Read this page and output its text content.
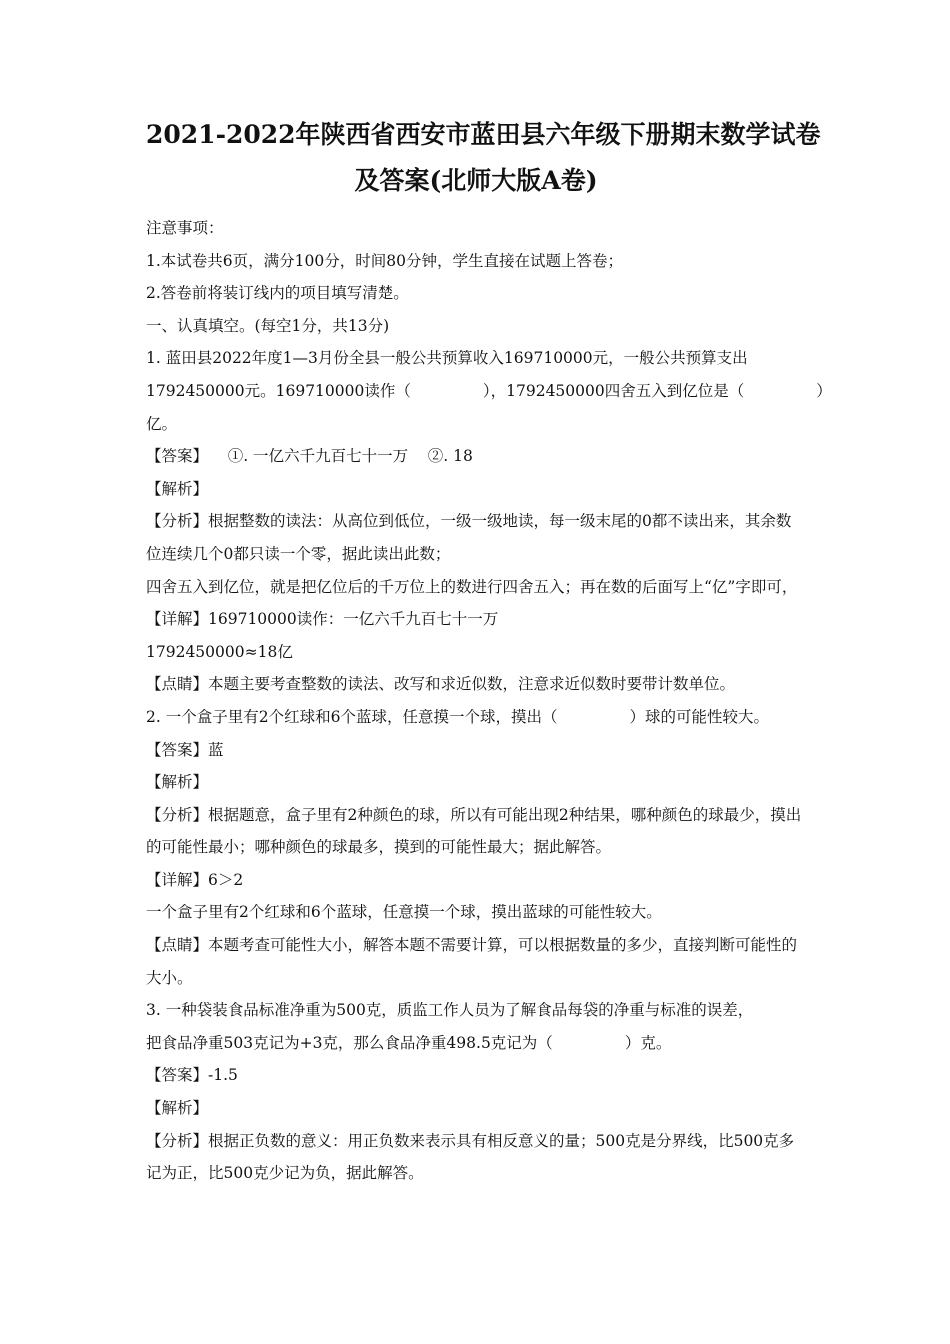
2021-2022年陕西省西安市蓝田县六年级下册期末数学试卷
及答案(北师大版A卷)

注意事项：

1.本试卷共6页，满分100分，时间80分钟，学生直接在试题上答卷；

2.答卷前将装订线内的项目填写清楚。

一、认真填空。(每空1分，共13分)

1. 蓝田县2022年度1—3月份全县一般公共预算收入169710000元，一般公共预算支出

1792450000元。169710000读作（	），1792450000四舍五入到亿位是（	）

亿。

【答案】    ①. 一亿六千九百七十一万    ②. 18

【解析】

【分析】根据整数的读法：从高位到低位，一级一级地读，每一级末尾的0都不读出来，其余数位连续几个0都只读一个零，据此读出此数；

四舍五入到亿位，就是把亿位后的千万位上的数进行四舍五入；再在数的后面写上“亿”字即可，

【详解】169710000读作：一亿六千九百七十一万

1792450000≈18亿

【点睛】本题主要考查整数的读法、改写和求近似数，注意求近似数时要带计数单位。

2. 一个盒子里有2个红球和6个蓝球，任意摸一个球，摸出（	）球的可能性较大。

【答案】蓝

【解析】

【分析】根据题意，盒子里有2种颜色的球，所以有可能出现2种结果，哪种颜色的球最少，摸出的可能性最小；哪种颜色的球最多，摸到的可能性最大；据此解答。

【详解】6＞2

一个盒子里有2个红球和6个蓝球，任意摸一个球，摸出蓝球的可能性较大。

【点睛】本题考查可能性大小，解答本题不需要计算，可以根据数量的多少，直接判断可能性的大小。

3. 一种袋装食品标准净重为500克，质监工作人员为了解食品每袋的净重与标准的误差，

把食品净重503克记为+3克，那么食品净重498.5克记为（	）克。

【答案】-1.5

【解析】

【分析】根据正负数的意义：用正负数来表示具有相反意义的量；500克是分界线，比500克多记为正，比500克少记为负，据此解答。
